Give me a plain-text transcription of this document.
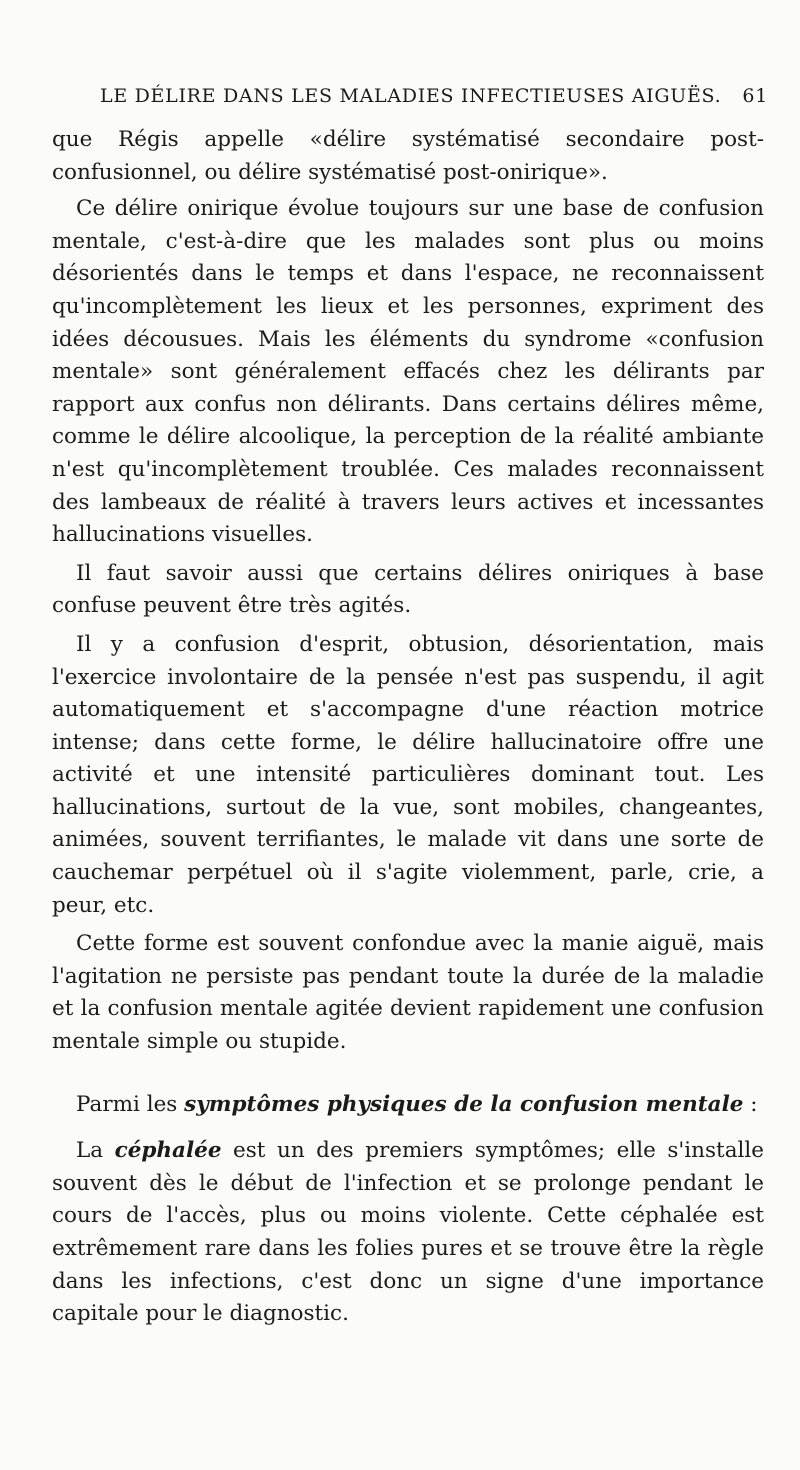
LE DÉLIRE DANS LES MALADIES INFECTIEUSES AIGUËS. 61

que Régis appelle «délire systématisé secondaire post-confusionnel, ou délire systématisé post-onirique».

Ce délire onirique évolue toujours sur une base de confusion mentale, c'est-à-dire que les malades sont plus ou moins désorientés dans le temps et dans l'espace, ne reconnaissent qu'incomplètement les lieux et les personnes, expriment des idées décousues. Mais les éléments du syndrome «confusion mentale» sont généralement effacés chez les délirants par rapport aux confus non délirants. Dans certains délires même, comme le délire alcoolique, la perception de la réalité ambiante n'est qu'incomplètement troublée. Ces malades reconnaissent des lambeaux de réalité à travers leurs actives et incessantes hallucinations visuelles.

Il faut savoir aussi que certains délires oniriques à base confuse peuvent être très agités.

Il y a confusion d'esprit, obtusion, désorientation, mais l'exercice involontaire de la pensée n'est pas suspendu, il agit automatiquement et s'accompagne d'une réaction motrice intense; dans cette forme, le délire hallucinatoire offre une activité et une intensité particulières dominant tout. Les hallucinations, surtout de la vue, sont mobiles, changeantes, animées, souvent terrifiantes, le malade vit dans une sorte de cauchemar perpétuel où il s'agite violemment, parle, crie, a peur, etc.

Cette forme est souvent confondue avec la manie aiguë, mais l'agitation ne persiste pas pendant toute la durée de la maladie et la confusion mentale agitée devient rapidement une confusion mentale simple ou stupide.

Parmi les symptômes physiques de la confusion mentale :

La céphalée est un des premiers symptômes; elle s'installe souvent dès le début de l'infection et se prolonge pendant le cours de l'accès, plus ou moins violente. Cette céphalée est extrêmement rare dans les folies pures et se trouve être la règle dans les infections, c'est donc un signe d'une importance capitale pour le diagnostic.
